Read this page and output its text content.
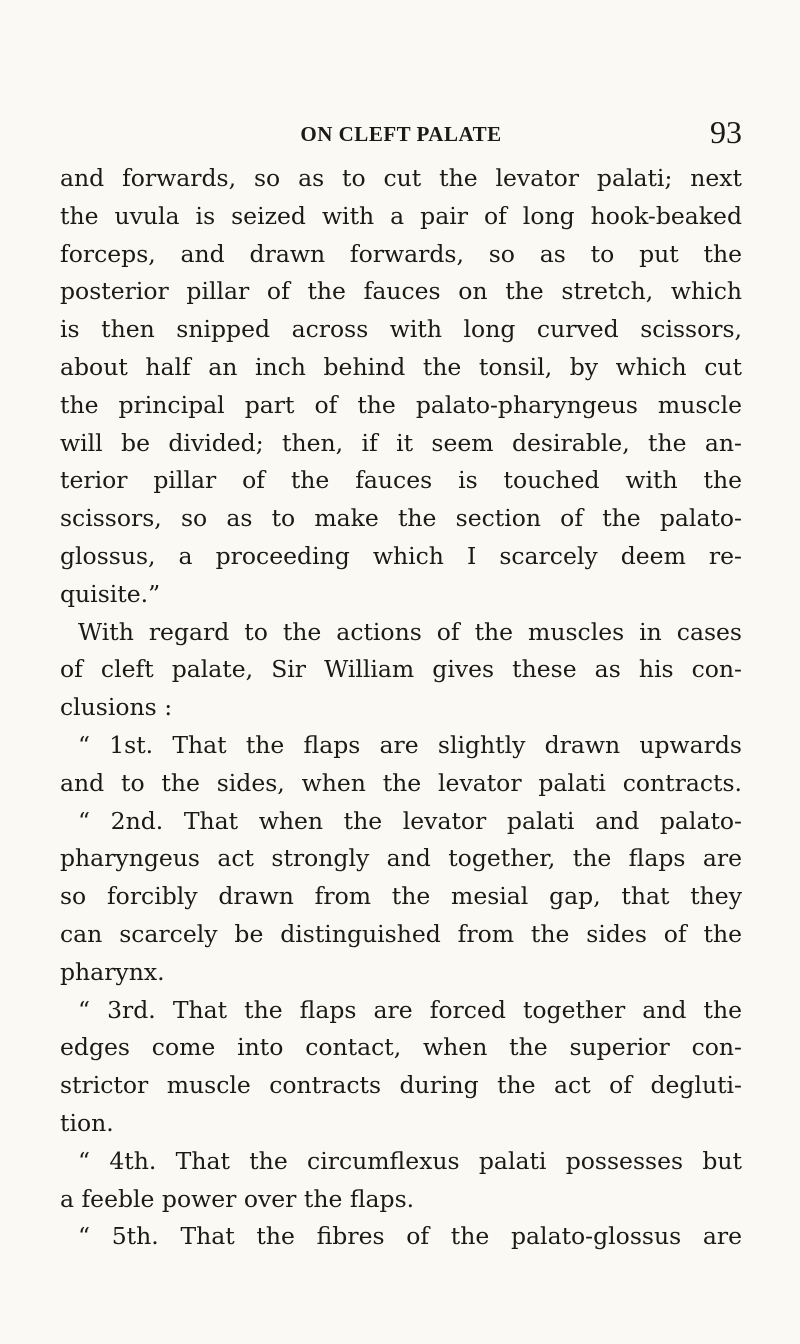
ON CLEFT PALATE	93
and forwards, so as to cut the levator palati; next
the uvula is seized with a pair of long hook-beaked
forceps, and drawn forwards, so as to put the
posterior pillar of the fauces on the stretch, which
is then snipped across with long curved scissors,
about half an inch behind the tonsil, by which cut
the principal part of the palato-pharyngeus muscle
will be divided; then, if it seem desirable, the an-
terior pillar of the fauces is touched with the
scissors, so as to make the section of the palato-
glossus, a proceeding which I scarcely deem re-
quisite.”
With regard to the actions of the muscles in cases
of cleft palate, Sir William gives these as his con-
clusions :
“ 1st. That the flaps are slightly drawn upwards
and to the sides, when the levator palati contracts.
“ 2nd. That when the levator palati and palato-
pharyngeus act strongly and together, the flaps are
so forcibly drawn from the mesial gap, that they
can scarcely be distinguished from the sides of the
pharynx.
“ 3rd. That the flaps are forced together and the
edges come into contact, when the superior con-
strictor muscle contracts during the act of degluti-
tion.
“ 4th. That the circumflexus palati possesses but
a feeble power over the flaps.
“ 5th. That the fibres of the palato-glossus are
